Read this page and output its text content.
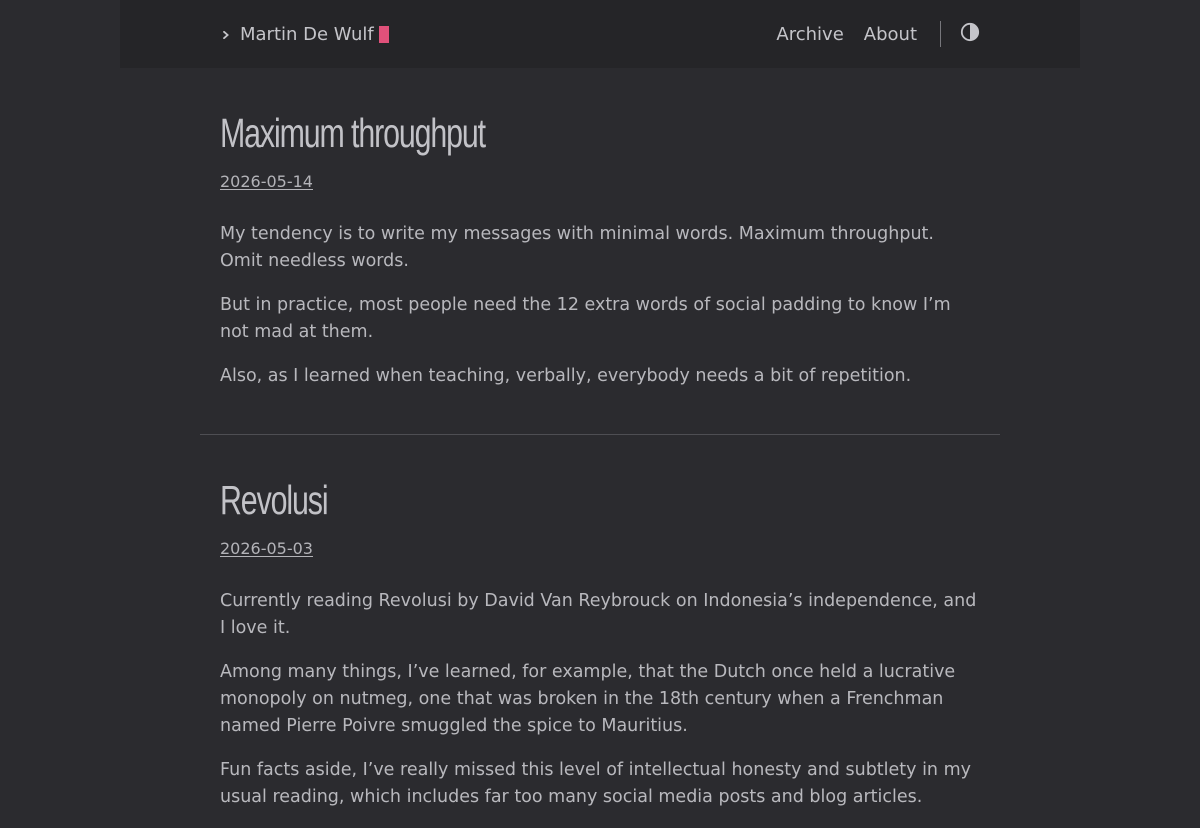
Martin De Wulf	Archive About
Maximum throughput
2026-05-14

My tendency is to write my messages with minimal words. Maximum throughput. Omit needless words.

But in practice, most people need the 12 extra words of social padding to know I’m not mad at them.

Also, as I learned when teaching, verbally, everybody needs a bit of repetition.

Revolusi
2026-05-03

Currently reading Revolusi by David Van Reybrouck on Indonesia’s independence, and I love it.

Among many things, I’ve learned, for example, that the Dutch once held a lucrative monopoly on nutmeg, one that was broken in the 18th century when a Frenchman named Pierre Poivre smuggled the spice to Mauritius.

Fun facts aside, I’ve really missed this level of intellectual honesty and subtlety in my usual reading, which includes far too many social media posts and blog articles.
